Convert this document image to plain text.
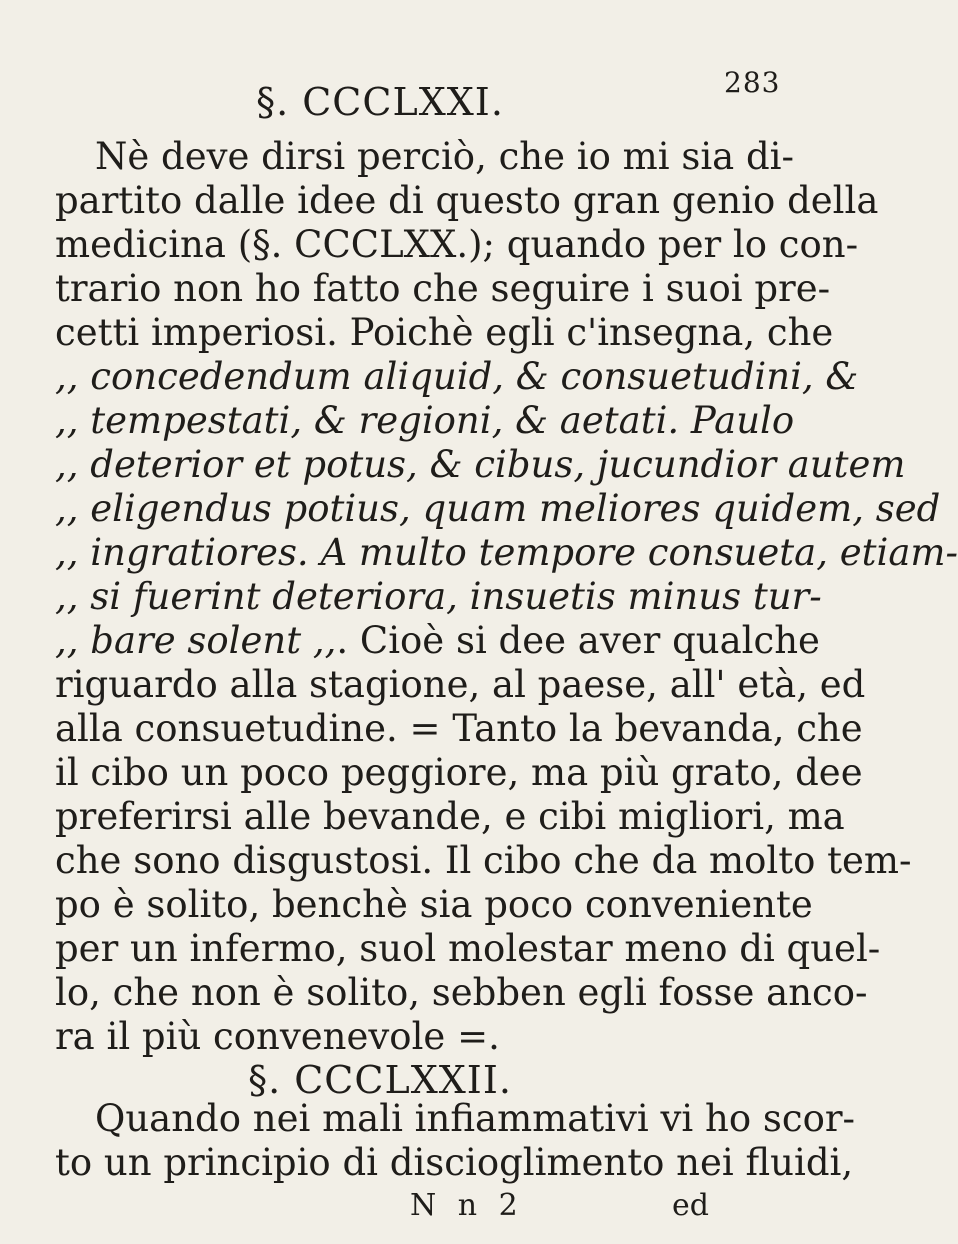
283
§. CCCLXXI.
Nè deve dirsi perciò, che io mi sia di-
partito dalle idee di questo gran genio della
medicina (§. CCCLXX.); quando per lo con-
trario non ho fatto che seguire i suoi pre-
cetti imperiosi. Poichè egli c'insegna, che
,, concedendum aliquid, & consuetudini, &
,, tempestati, & regioni, & aetati. Paulo
,, deterior et potus, & cibus, jucundior autem
,, eligendus potius, quam meliores quidem, sed
,, ingratiores. A multo tempore consueta, etiam-
,, si fuerint deteriora, insuetis minus tur-
,, bare solent ,,. Cioè si dee aver qualche
riguardo alla stagione, al paese, all' età, ed
alla consuetudine. = Tanto la bevanda, che
il cibo un poco peggiore, ma più grato, dee
preferirsi alle bevande, e cibi migliori, ma
che sono disgustosi. Il cibo che da molto tem-
po è solito, benchè sia poco conveniente
per un infermo, suol molestar meno di quel-
lo, che non è solito, sebben egli fosse anco-
ra il più convenevole =.
§. CCCLXXII.
Quando nei mali infiammativi vi ho scor-
to un principio di discioglimento nei fluidi,
N n 2	ed
